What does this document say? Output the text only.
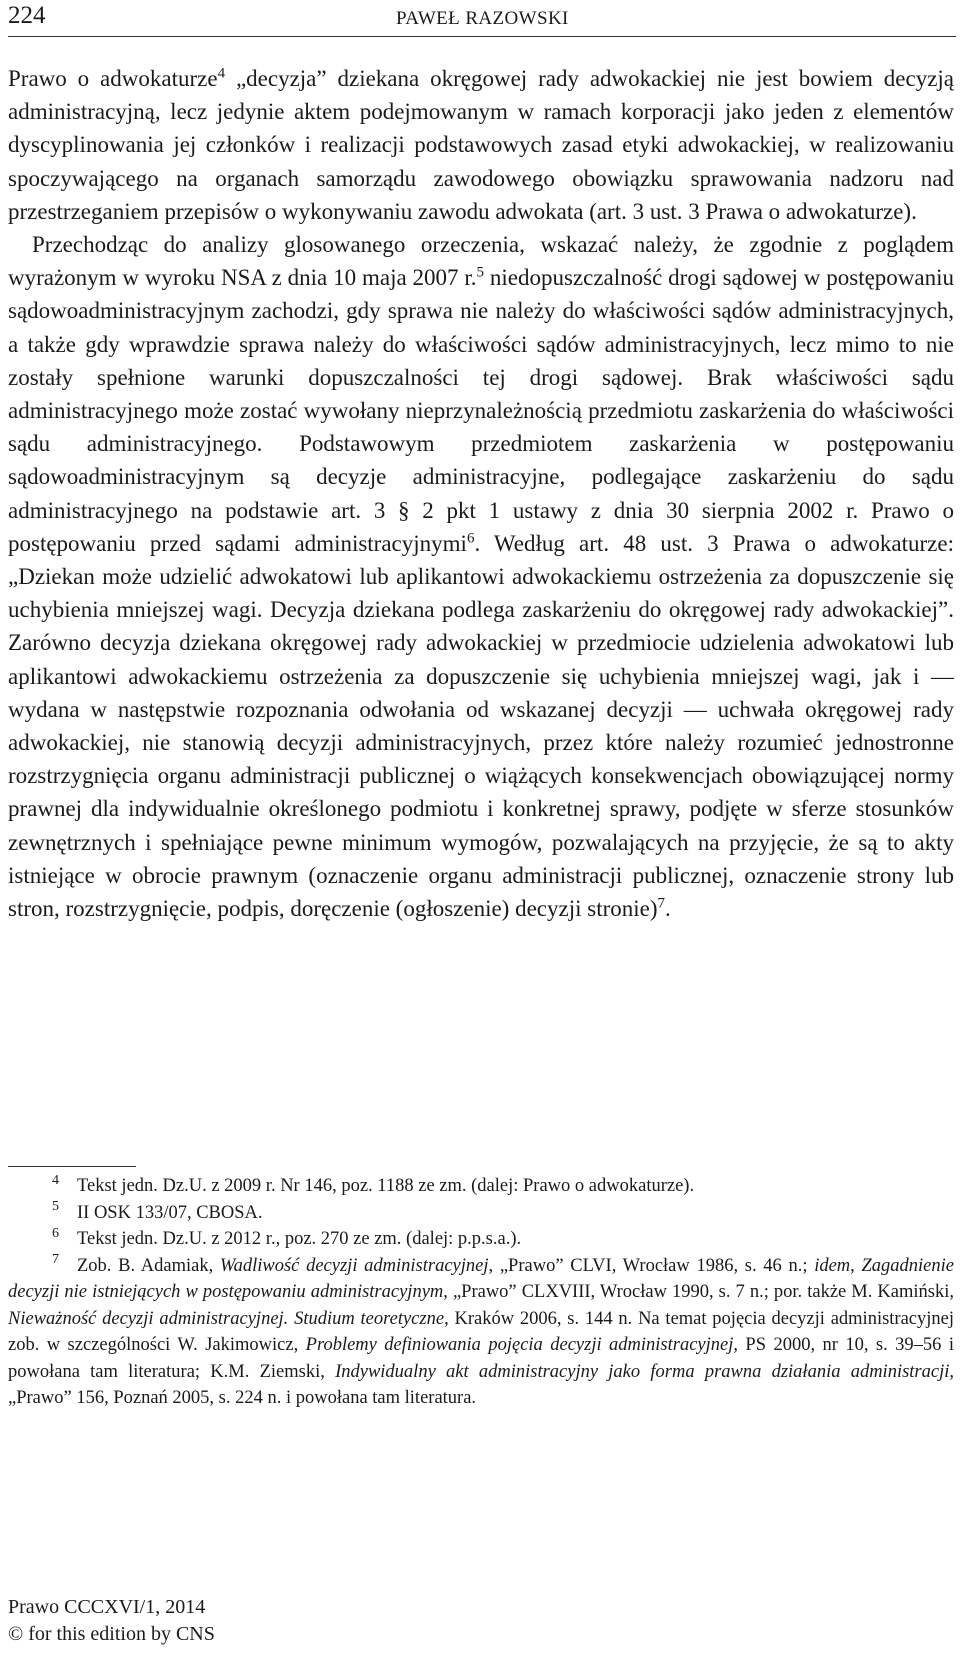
224	PAWEŁ RAZOWSKI

Prawo o adwokaturze$^4$ „decyzja” dziekana okręgowej rady adwokackiej nie jest bowiem decyzją administracyjną, lecz jedynie aktem podejmowanym w ramach korporacji jako jeden z elementów dyscyplinowania jej członków i realizacji podstawowych zasad etyki adwokackiej, w realizowaniu spoczywającego na organach samorządu zawodowego obowiązku sprawowania nadzoru nad przestrzeganiem przepisów o wykonywaniu zawodu adwokata (art. 3 ust. 3 Prawa o adwokaturze).

Przechodząc do analizy glosowanego orzeczenia, wskazać należy, że zgodnie z poglądem wyrażonym w wyroku NSA z dnia 10 maja 2007 r.$^5$ niedopuszczalność drogi sądowej w postępowaniu sądowoadministracyjnym zachodzi, gdy sprawa nie należy do właściwości sądów administracyjnych, a także gdy wprawdzie sprawa należy do właściwości sądów administracyjnych, lecz mimo to nie zostały spełnione warunki dopuszczalności tej drogi sądowej. Brak właściwości sądu administracyjnego może zostać wywołany nieprzynależnością przedmiotu zaskarżenia do właściwości sądu administracyjnego. Podstawowym przedmiotem zaskarżenia w postępowaniu sądowoadministracyjnym są decyzje administracyjne, podlegające zaskarżeniu do sądu administracyjnego na podstawie art. 3 § 2 pkt 1 ustawy z dnia 30 sierpnia 2002 r. Prawo o postępowaniu przed sądami administracyjnymi$^6$. Według art. 48 ust. 3 Prawa o adwokaturze: „Dziekan może udzielić adwokatowi lub aplikantowi adwokackiemu ostrzeżenia za dopuszczenie się uchybienia mniejszej wagi. Decyzja dziekana podlega zaskarżeniu do okręgowej rady adwokackiej”. Zarówno decyzja dziekana okręgowej rady adwokackiej w przedmiocie udzielenia adwokatowi lub aplikantowi adwokackiemu ostrzeżenia za dopuszczenie się uchybienia mniejszej wagi, jak i — wydana w następstwie rozpoznania odwołania od wskazanej decyzji — uchwała okręgowej rady adwokackiej, nie stanowią decyzji administracyjnych, przez które należy rozumieć jednostronne rozstrzygnięcia organu administracji publicznej o wiążących konsekwencjach obowiązującej normy prawnej dla indywidualnie określonego podmiotu i konkretnej sprawy, podjęte w sferze stosunków zewnętrznych i spełniające pewne minimum wymogów, pozwalających na przyjęcie, że są to akty istniejące w obrocie prawnym (oznaczenie organu administracji publicznej, oznaczenie strony lub stron, rozstrzygnięcie, podpis, doręczenie (ogłoszenie) decyzji stronie)$^7$.

4 Tekst jedn. Dz.U. z 2009 r. Nr 146, poz. 1188 ze zm. (dalej: Prawo o adwokaturze).

5 II OSK 133/07, CBOSA.

6 Tekst jedn. Dz.U. z 2012 r., poz. 270 ze zm. (dalej: p.p.s.a.).

7 Zob. B. Adamiak, Wadliwość decyzji administracyjnej, „Prawo” CLVI, Wrocław 1986, s. 46 n.; idem, Zagadnienie decyzji nie istniejących w postępowaniu administracyjnym, „Prawo” CLXVIII, Wrocław 1990, s. 7 n.; por. także M. Kamiński, Nieważność decyzji administracyjnej. Studium teoretyczne, Kraków 2006, s. 144 n. Na temat pojęcia decyzji administracyjnej zob. w szczególności W. Jakimowicz, Problemy definiowania pojęcia decyzji administracyjnej, PS 2000, nr 10, s. 39–56 i powołana tam literatura; K.M. Ziemski, Indywidualny akt administracyjny jako forma prawna działania administracji, „Prawo” 156, Poznań 2005, s. 224 n. i powołana tam literatura.

Prawo CCCXVI/1, 2014
© for this edition by CNS
